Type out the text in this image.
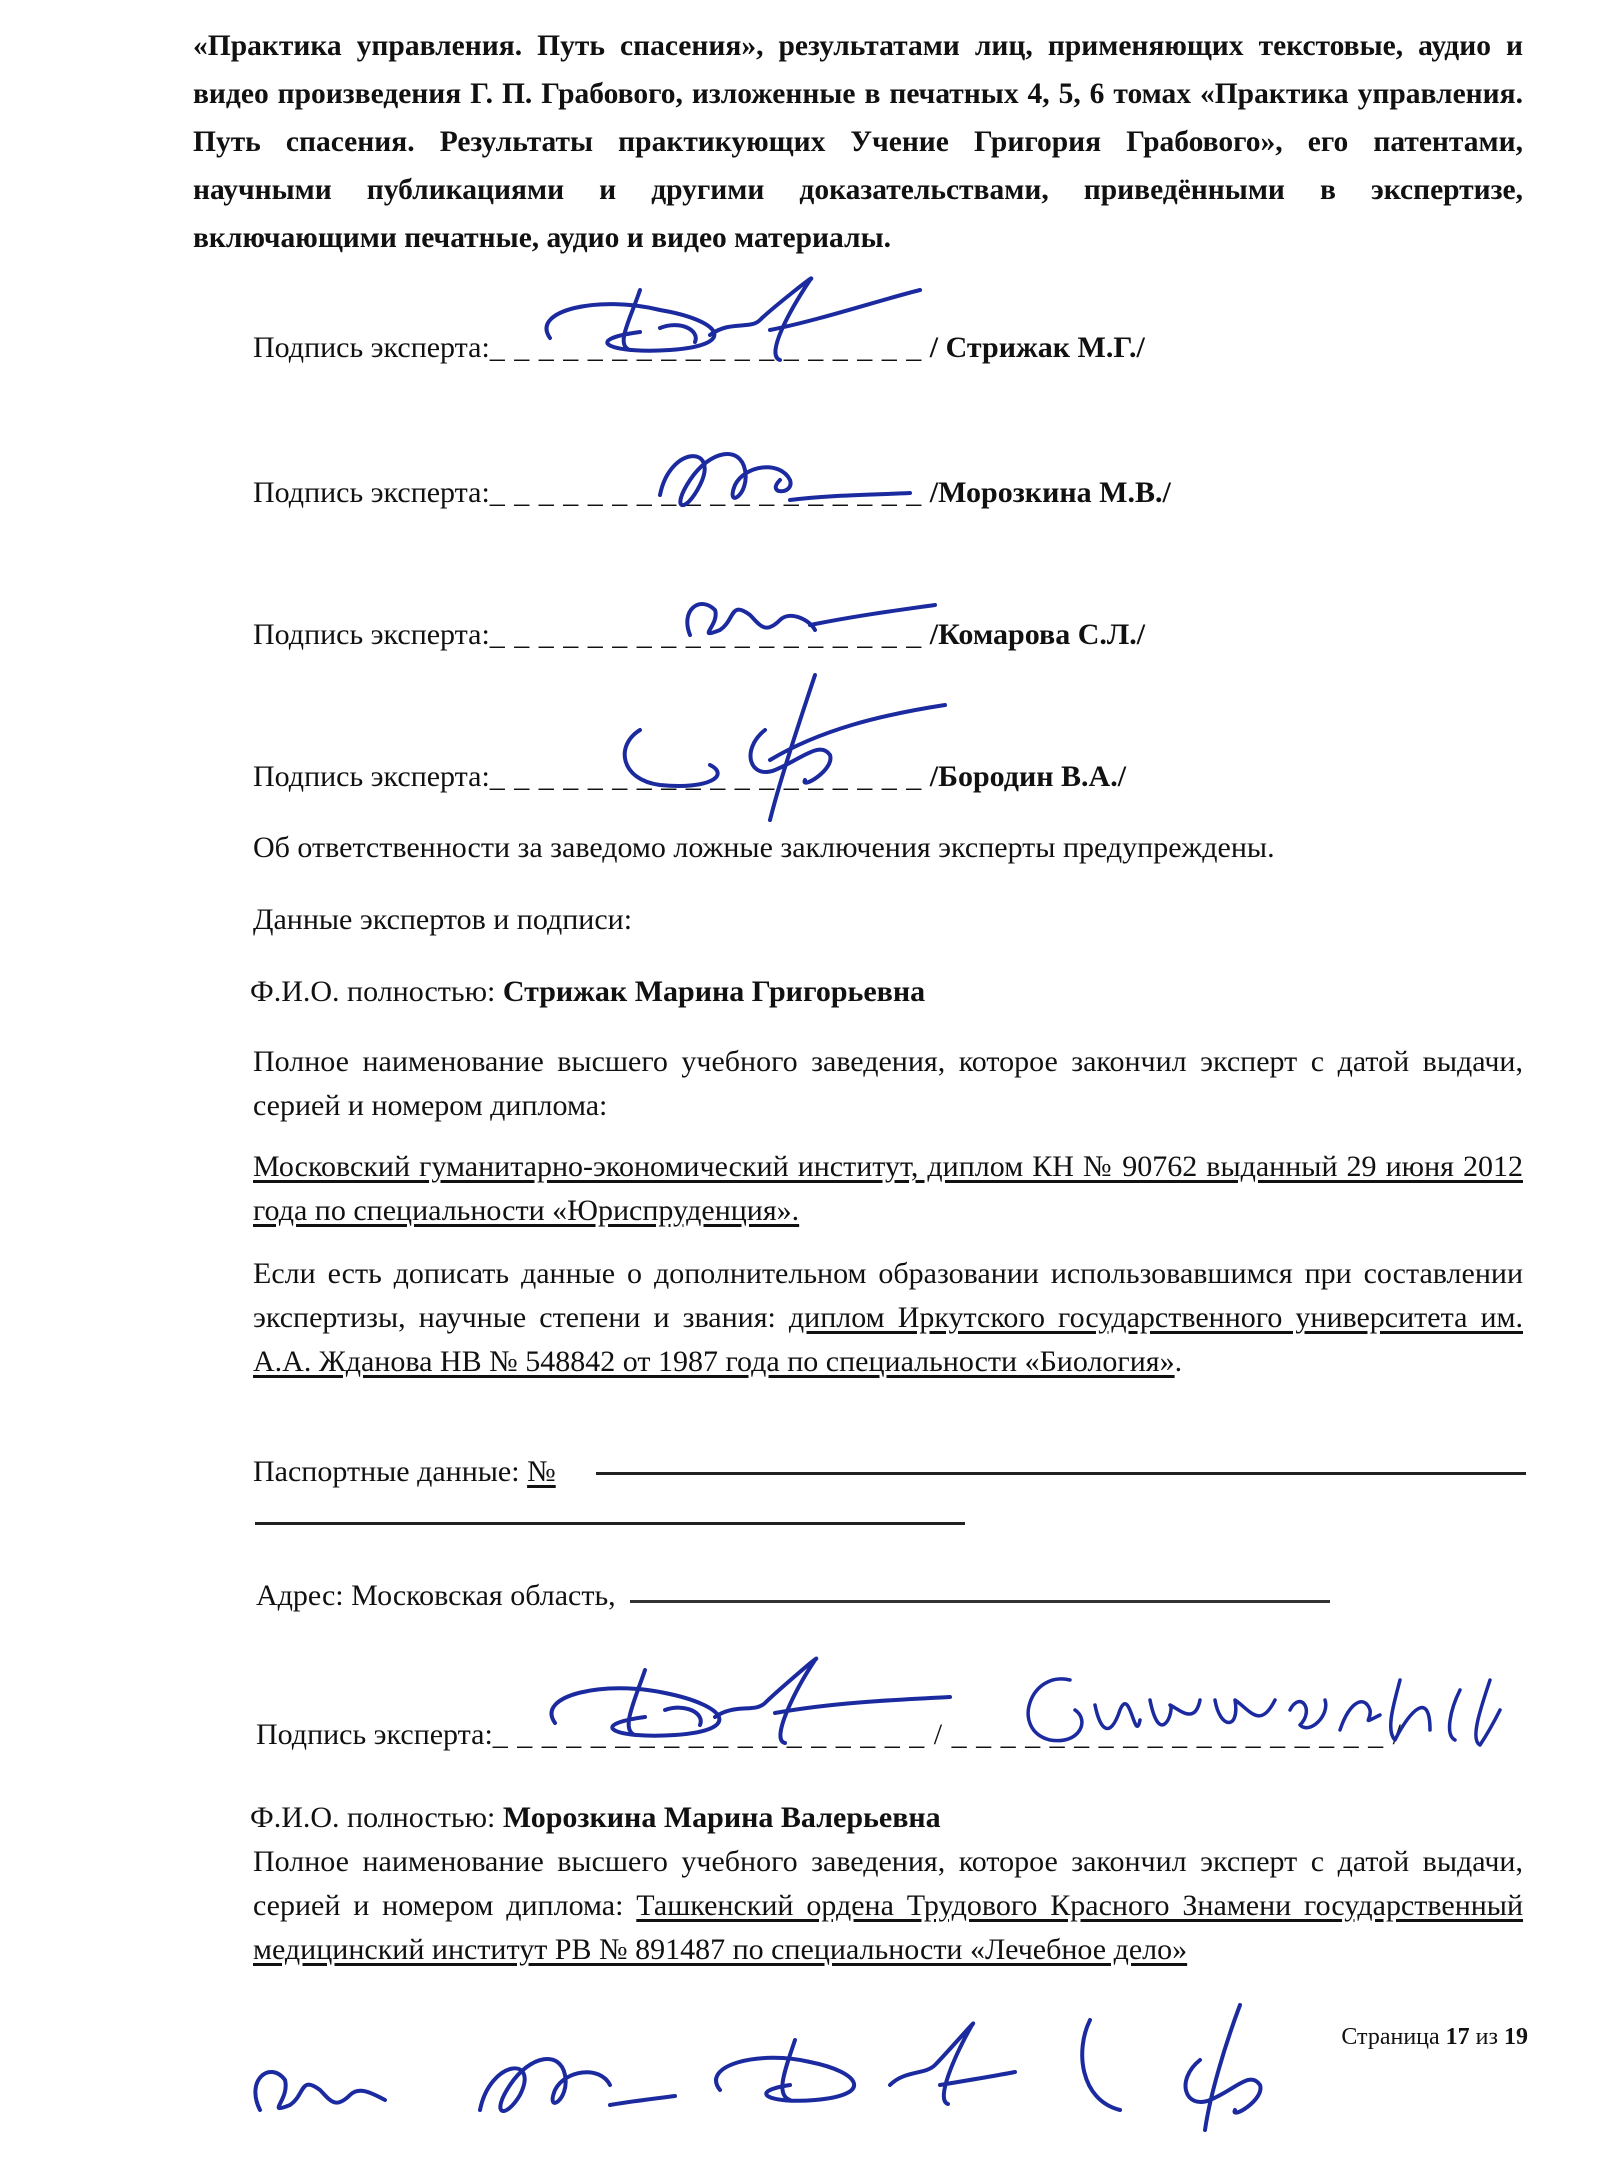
«Практика управления. Путь спасения», результатами лиц, применяющих текстовые, аудио и видео произведения Г. П. Грабового, изложенные в печатных 4, 5, 6 томах «Практика управления. Путь спасения. Результаты практикующих Учение Григория Грабового», его патентами, научными публикациями и другими доказательствами, приведёнными в экспертизе, включающими печатные, аудио и видео материалы.
Подпись эксперта:_ _ _ _ _ _ _ _ _ _ _ _ _ _ _ _ _ _ / Стрижак М.Г./
Подпись эксперта:_ _ _ _ _ _ _ _ _ _ _ _ _ _ _ _ _ _ /Морозкина М.В./
Подпись эксперта:_ _ _ _ _ _ _ _ _ _ _ _ _ _ _ _ _ _ /Комарова С.Л./
Подпись эксперта:_ _ _ _ _ _ _ _ _ _ _ _ _ _ _ _ _ _ /Бородин В.А./
Об ответственности за заведомо ложные заключения эксперты предупреждены.
Данные экспертов и подписи:
Ф.И.О. полностью: Стрижак Марина Григорьевна
Полное наименование высшего учебного заведения, которое закончил эксперт с датой выдачи, серией и номером диплома:
Московский гуманитарно-экономический институт, диплом КН № 90762 выданный 29 июня 2012 года по специальности «Юриспруденция».
Если есть дописать данные о дополнительном образовании использовавшимся при составлении экспертизы, научные степени и звания: диплом Иркутского государственного университета им. А.А. Жданова НВ № 548842 от 1987 года по специальности «Биология».
Паспортные данные: №
Адрес: Московская область,
Подпись эксперта:_ _ _ _ _ _ _ _ _ _ _ _ _ _ _ _ _ _ / _ _ _ _ _ _ _ _ _ _ _ _ _ _ _ _ _ _ /
Ф.И.О. полностью: Морозкина Марина Валерьевна
Полное наименование высшего учебного заведения, которое закончил эксперт с датой выдачи, серией и номером диплома: Ташкенский ордена Трудового Красного Знамени государственный медицинский институт РВ № 891487 по специальности «Лечебное дело»
Страница 17 из 19
